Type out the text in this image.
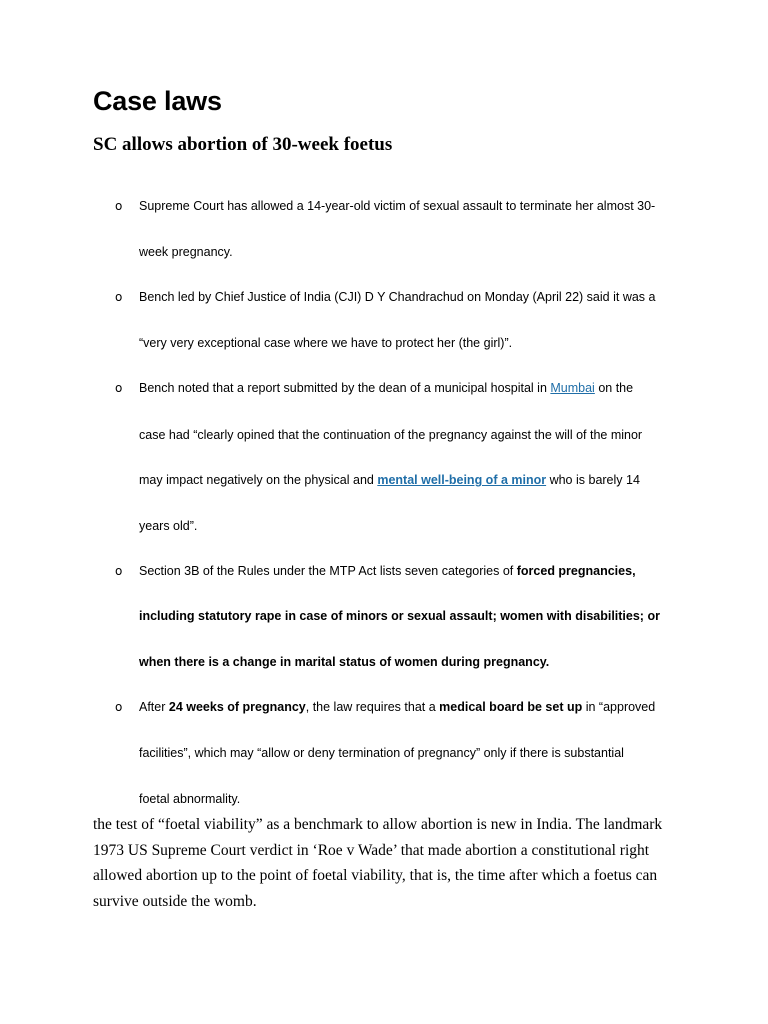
Case laws
SC allows abortion of 30-week foetus
o	Supreme Court has allowed a 14-year-old victim of sexual assault to terminate her almost 30-
week pregnancy.
o	Bench led by Chief Justice of India (CJI) D Y Chandrachud on Monday (April 22) said it was a
“very very exceptional case where we have to protect her (the girl)”.
o	Bench noted that a report submitted by the dean of a municipal hospital in Mumbai on the
case had “clearly opined that the continuation of the pregnancy against the will of the minor
may impact negatively on the physical and mental well-being of a minor who is barely 14
years old”.
o	Section 3B of the Rules under the MTP Act lists seven categories of forced pregnancies,
including statutory rape in case of minors or sexual assault; women with disabilities; or
when there is a change in marital status of women during pregnancy.
o	After 24 weeks of pregnancy, the law requires that a medical board be set up in “approved
facilities”, which may “allow or deny termination of pregnancy” only if there is substantial
foetal abnormality.
the test of “foetal viability” as a benchmark to allow abortion is new in India. The landmark
1973 US Supreme Court verdict in ‘Roe v Wade’ that made abortion a constitutional right
allowed abortion up to the point of foetal viability, that is, the time after which a foetus can
survive outside the womb.
